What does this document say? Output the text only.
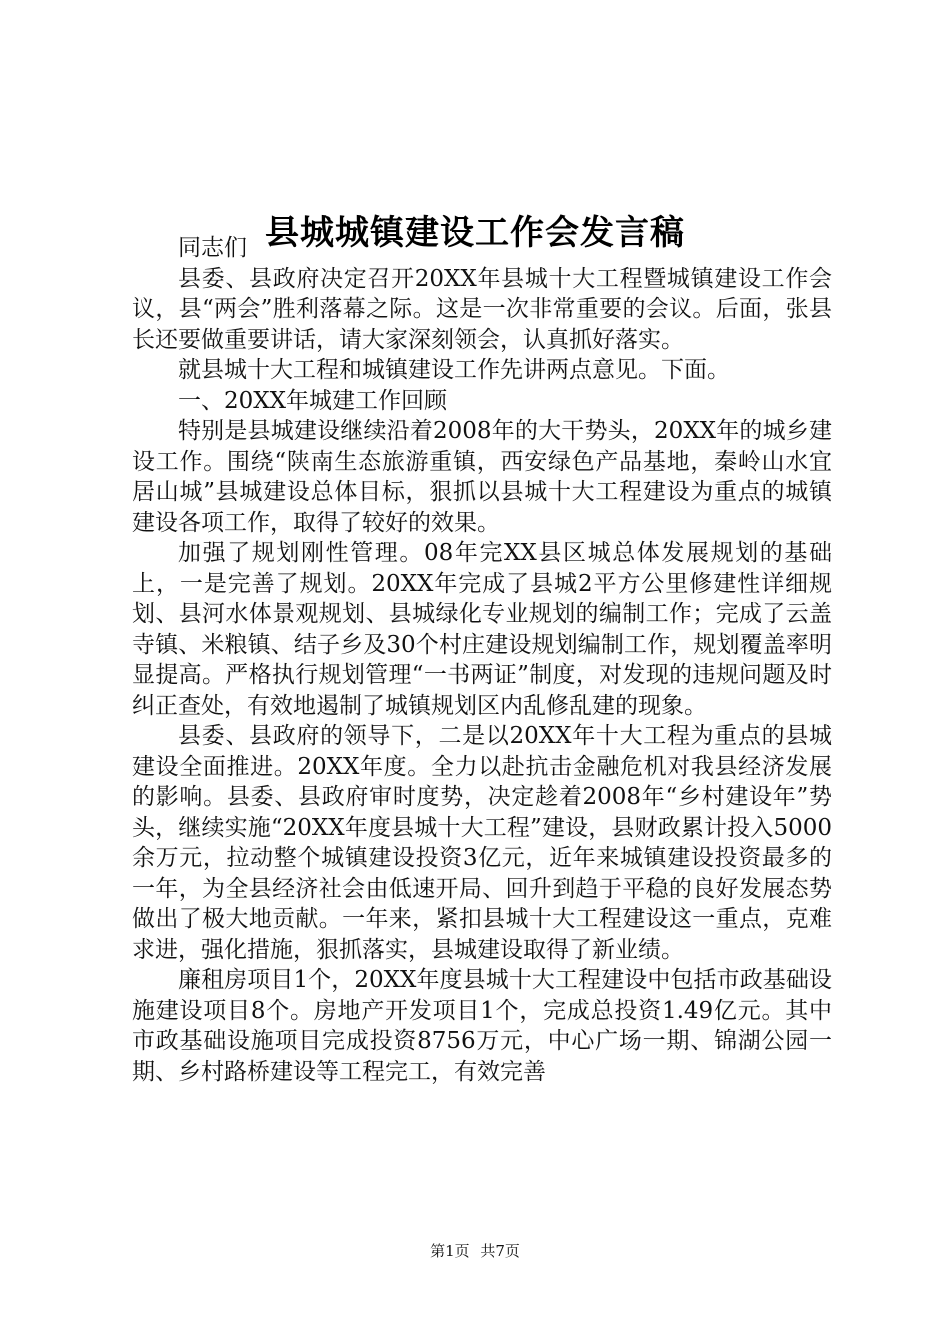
县城城镇建设工作会发言稿

同志们

县委、县政府决定召开20XX年县城十大工程暨城镇建设工作会议，县“两会”胜利落幕之际。这是一次非常重要的会议。后面，张县长还要做重要讲话，请大家深刻领会，认真抓好落实。

就县城十大工程和城镇建设工作先讲两点意见。下面。

一、20XX年城建工作回顾

特别是县城建设继续沿着2008年的大干势头，20XX年的城乡建设工作。围绕“陕南生态旅游重镇，西安绿色产品基地，秦岭山水宜居山城”县城建设总体目标，狠抓以县城十大工程建设为重点的城镇建设各项工作，取得了较好的效果。

加强了规划刚性管理。08年完XX县区城总体发展规划的基础上，一是完善了规划。20XX年完成了县城2平方公里修建性详细规划、县河水体景观规划、县城绿化专业规划的编制工作；完成了云盖寺镇、米粮镇、结子乡及30个村庄建设规划编制工作，规划覆盖率明显提高。严格执行规划管理“一书两证”制度，对发现的违规问题及时纠正查处，有效地遏制了城镇规划区内乱修乱建的现象。

县委、县政府的领导下，二是以20XX年十大工程为重点的县城建设全面推进。20XX年度。全力以赴抗击金融危机对我县经济发展的影响。县委、县政府审时度势，决定趁着2008年“乡村建设年”势头，继续实施“20XX年度县城十大工程”建设，县财政累计投入5000余万元，拉动整个城镇建设投资3亿元，近年来城镇建设投资最多的一年，为全县经济社会由低速开局、回升到趋于平稳的良好发展态势做出了极大地贡献。一年来，紧扣县城十大工程建设这一重点，克难求进，强化措施，狠抓落实，县城建设取得了新业绩。

廉租房项目1个，20XX年度县城十大工程建设中包括市政基础设施建设项目8个。房地产开发项目1个，完成总投资1.49亿元。其中市政基础设施项目完成投资8756万元，中心广场一期、锦湖公园一期、乡村路桥建设等工程完工，有效完善

第1页 共7页
